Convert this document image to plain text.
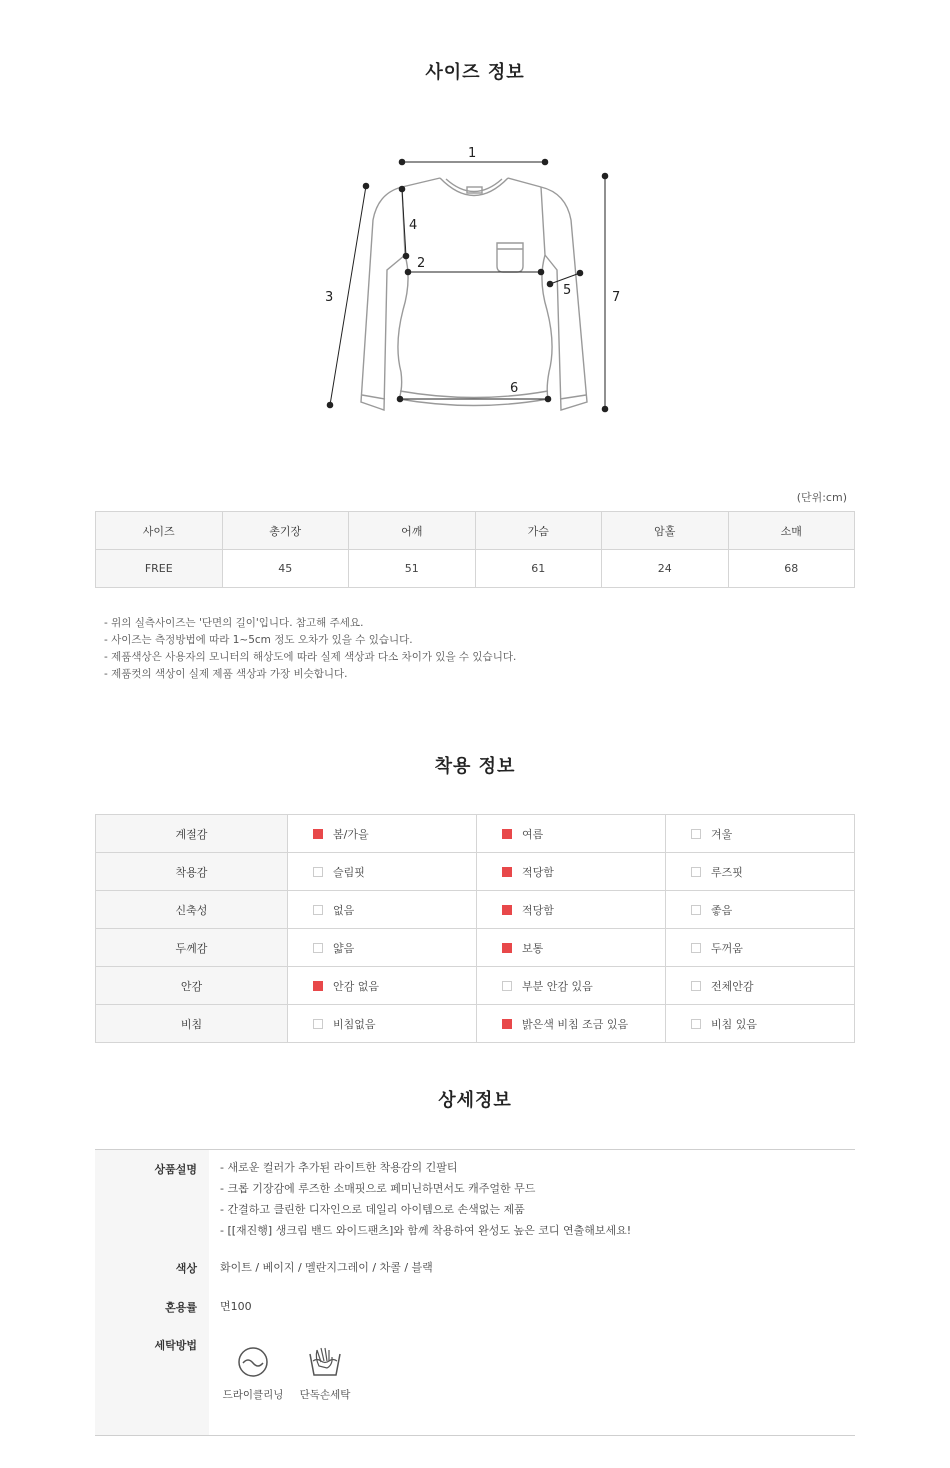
사이즈 정보
1
2
3
4
5
6
7
(단위:cm)
사이즈	총기장	어깨	가슴	암홀	소매
FREE	45	51	61	24	68
- 위의 실측사이즈는 '단면의 길이'입니다. 참고해 주세요.
- 사이즈는 측정방법에 따라 1~5cm 정도 오차가 있을 수 있습니다.
- 제품색상은 사용자의 모니터의 해상도에 따라 실제 색상과 다소 차이가 있을 수 있습니다.
- 제품컷의 색상이 실제 제품 색상과 가장 비슷합니다.
착용 정보
계절감	봄/가을	여름	겨울
착용감	슬림핏	적당함	루즈핏
신축성	없음	적당함	좋음
두께감	얇음	보통	두꺼움
안감	안감 없음	부분 안감 있음	전체안감
비침	비침없음	밝은색 비침 조금 있음	비침 있음
상세정보
상품설명 - 새로운 컬러가 추가된 라이트한 착용감의 긴팔티
- 크롭 기장감에 루즈한 소매핏으로 페미닌하면서도 캐주얼한 무드
- 간결하고 클린한 디자인으로 데일리 아이템으로 손색없는 제품
- [[재진행] 생크림 밴드 와이드팬츠]와 함께 착용하여 완성도 높은 코디 연출해보세요!
색상 화이트 / 베이지 / 멜란지그레이 / 차콜 / 블랙
혼용률 면100
세탁방법
드라이클리닝	단독손세탁
